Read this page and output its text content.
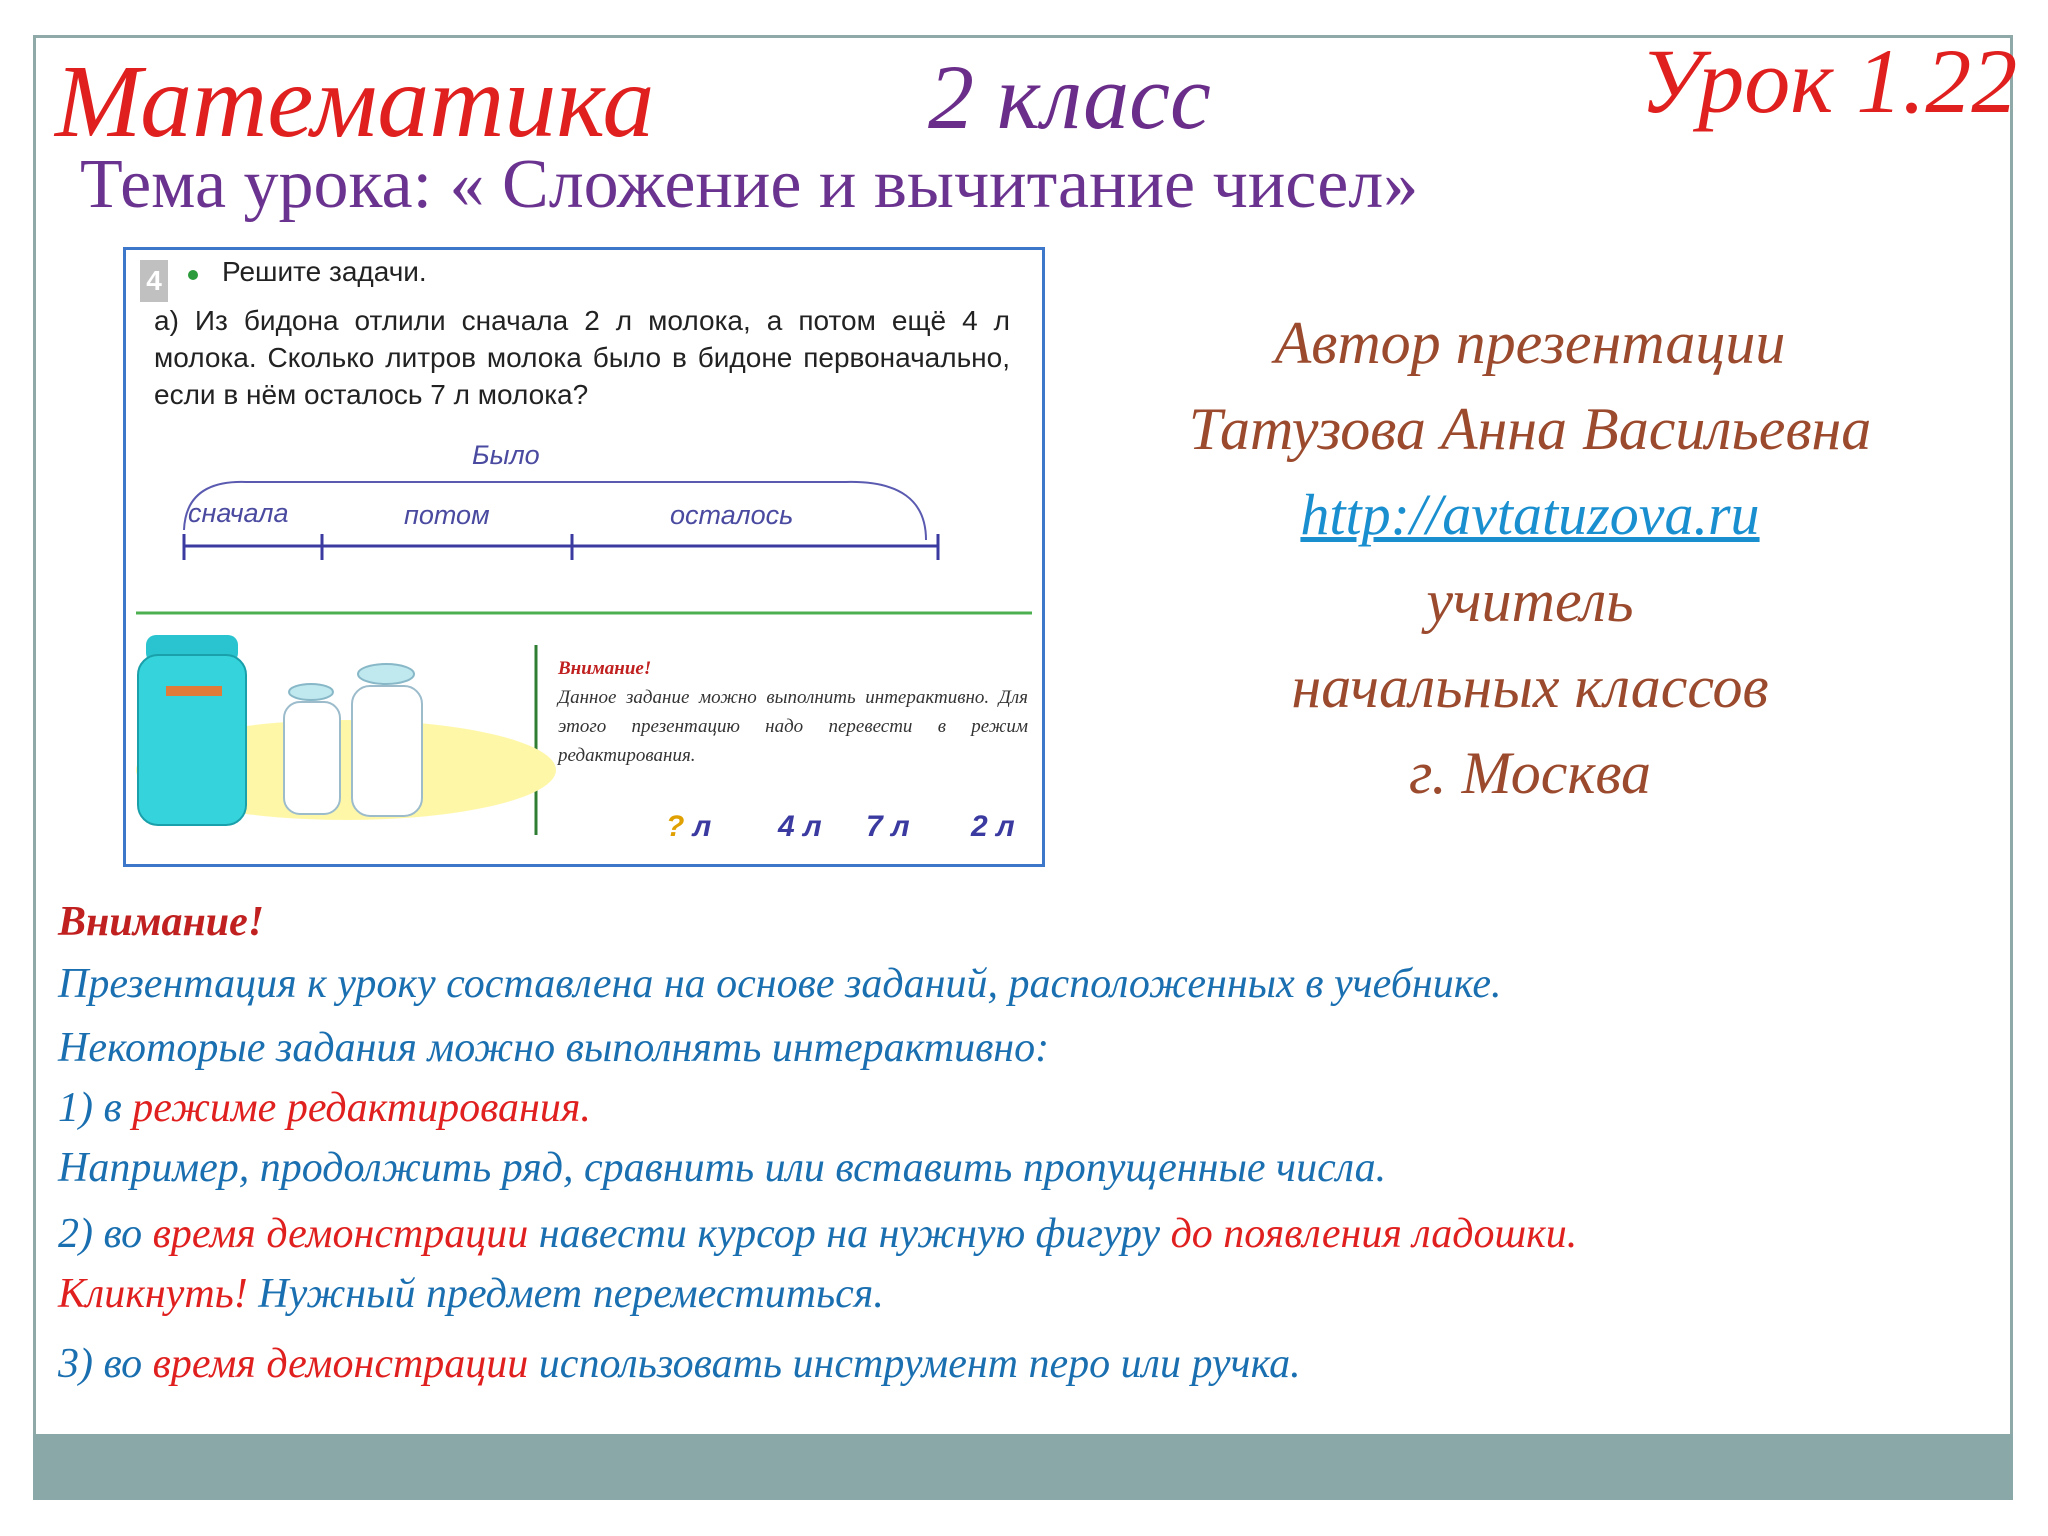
Математика	2 класс	Урок 1.22
Тема урока: « Сложение и вычитание чисел»
4 Решите задачи.
а) Из бидона отлили сначала 2 л молока, а потом ещё 4 л молока. Сколько литров молока было в бидоне первоначально, если в нём осталось 7 л молока?
Было
сначала	потом	осталось
Внимание!
Данное задание можно выполнить интерактивно. Для этого презентацию надо перевести в режим редактирования.
? л 4 л 7 л 2 л
Автор презентации
Татузова Анна Васильевна
http://avtatuzova.ru
учитель
начальных классов
г. Москва
Внимание!
Презентация к уроку составлена на основе заданий, расположенных в учебнике.
Некоторые задания можно выполнять интерактивно:
1) в режиме редактирования.
Например, продолжить ряд, сравнить или вставить пропущенные числа.
2) во время демонстрации навести курсор на нужную фигуру до появления ладошки.
Кликнуть! Нужный предмет переместиться.
3) во время демонстрации использовать инструмент перо или ручка.
